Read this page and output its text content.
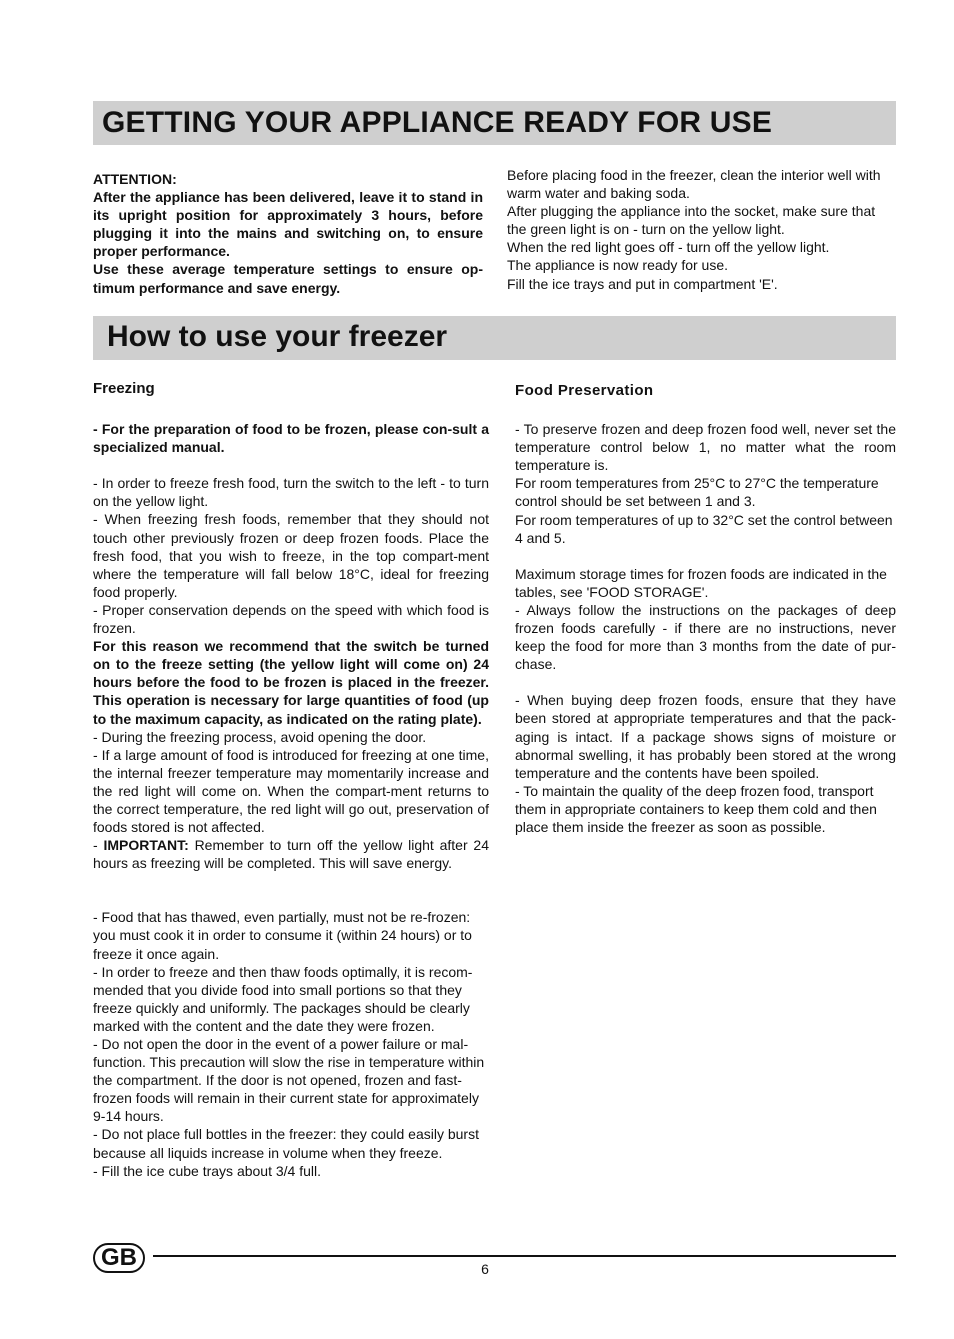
GETTING YOUR APPLIANCE READY FOR USE

ATTENTION:

After the appliance has been delivered, leave it to stand in its upright position for approximately 3 hours, before plugging it into the mains and switching on, to ensure proper performance.

Use these average temperature settings to ensure op-timum performance and save energy.

Before placing food in the freezer, clean the interior well with warm water and baking soda.

After plugging the appliance into the socket, make sure that the green light is on - turn on the yellow light.

When the red light goes off - turn off the yellow light.

The appliance is now ready for use.

Fill the ice trays and put in compartment 'E'.

How to use your freezer

Freezing

- For the preparation of food to be frozen, please con-sult a specialized manual.

- In order to freeze fresh food, turn the switch to the left - to turn on the yellow light.

- When freezing fresh foods, remember that they should not touch other previously frozen or deep frozen foods. Place the fresh food, that you wish to freeze, in the top compart-ment where the temperature will fall below 18°C, ideal for freezing food properly.

- Proper conservation depends on the speed with which food is frozen.

For this reason we recommend that the switch be turned on to the freeze setting (the yellow light will come on) 24 hours before the food to be frozen is placed in the freezer. This operation is necessary for large quantities of food (up to the maximum capacity, as indicated on the rating plate).

- During the freezing process, avoid opening the door.

- If a large amount of food is introduced for freezing at one time, the internal freezer temperature may momentarily increase and the red light will come on. When the compart-ment returns to the correct temperature, the red light will go out, preservation of foods stored is not affected.

- IMPORTANT: Remember to turn off the yellow light after 24 hours as freezing will be completed. This will save energy.

- Food that has thawed, even partially, must not be re-frozen: you must cook it in order to consume it (within 24 hours) or to freeze it once again.

- In order to freeze and then thaw foods optimally, it is recom-mended that you divide food into small portions so that they freeze quickly and uniformly. The packages should be clearly marked with the content and the date they were frozen.

- Do not open the door in the event of a power failure or mal-function. This precaution will slow the rise in temperature within the compartment. If the door is not opened, frozen and fast-frozen foods will remain in their current state for approximately 9-14 hours.

- Do not place full bottles in the freezer: they could easily burst because all liquids increase in volume when they freeze.

- Fill the ice cube trays about 3/4 full.

Food Preservation

- To preserve frozen and deep frozen food well, never set the temperature control below 1, no matter what the room temperature is.

For room temperatures from 25°C to 27°C the temperature control should be set between 1 and 3.

For room temperatures of up to 32°C set the control between 4 and 5.

Maximum storage times for frozen foods are indicated in the tables, see 'FOOD STORAGE'.

- Always follow the instructions on the packages of deep frozen foods carefully - if there are no instructions, never keep the food for more than 3 months from the date of pur-chase.

- When buying deep frozen foods, ensure that they have been stored at appropriate temperatures and that the pack-aging is intact. If a package shows signs of moisture or abnormal swelling, it has probably been stored at the wrong temperature and the contents have been spoiled.

- To maintain the quality of the deep frozen food, transport them in appropriate containers to keep them cold and then place them inside the freezer as soon as possible.

GB	6
